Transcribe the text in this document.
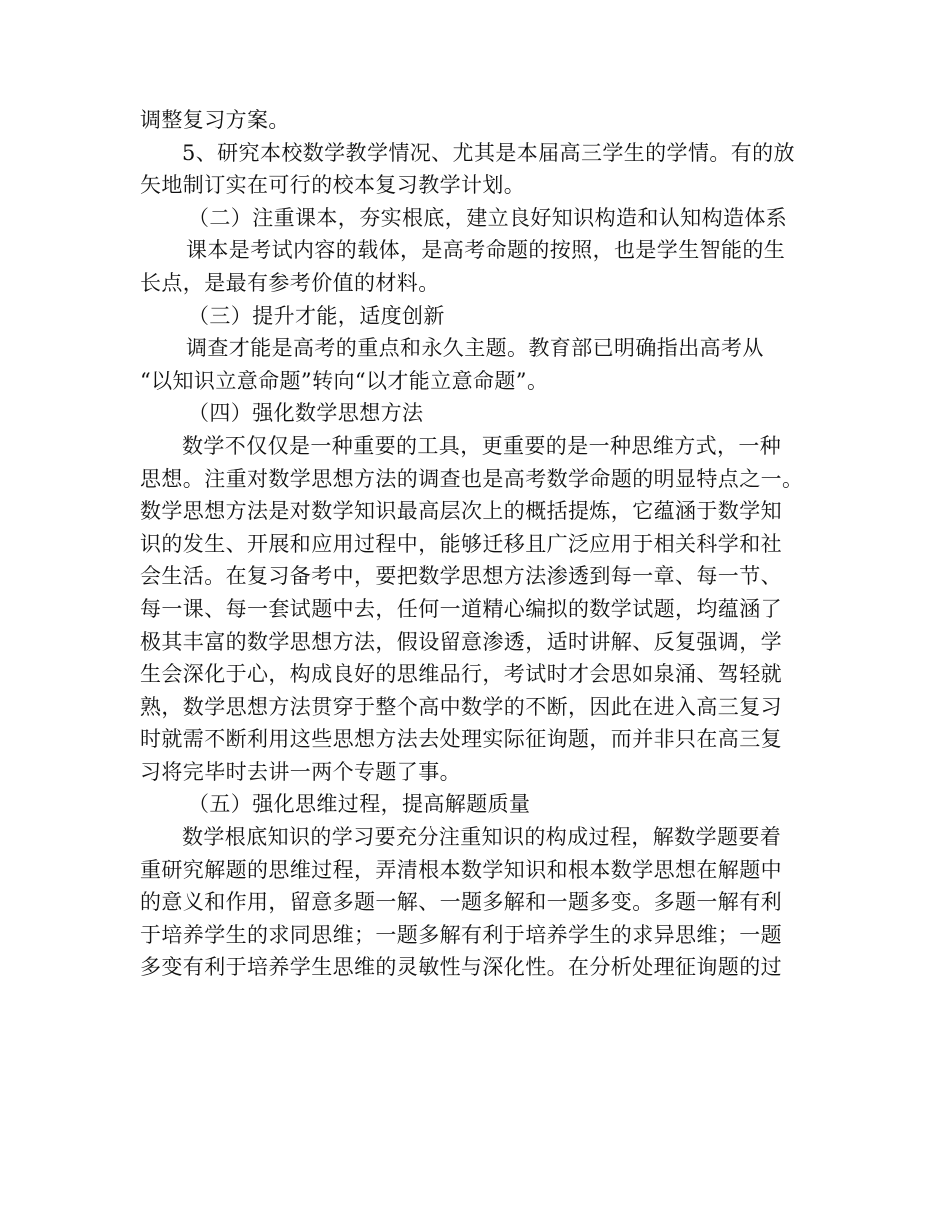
调整复习方案。
5、研究本校数学教学情况、尤其是本届高三学生的学情。有的放
矢地制订实在可行的校本复习教学计划。
（二）注重课本，夯实根底，建立良好知识构造和认知构造体系
课本是考试内容的载体，是高考命题的按照，也是学生智能的生
长点，是最有参考价值的材料。
（三）提升才能，适度创新
调查才能是高考的重点和永久主题。教育部已明确指出高考从
“以知识立意命题”转向“以才能立意命题”。
（四）强化数学思想方法
数学不仅仅是一种重要的工具，更重要的是一种思维方式，一种
思想。注重对数学思想方法的调查也是高考数学命题的明显特点之一。
数学思想方法是对数学知识最高层次上的概括提炼，它蕴涵于数学知
识的发生、开展和应用过程中，能够迁移且广泛应用于相关科学和社
会生活。在复习备考中，要把数学思想方法渗透到每一章、每一节、
每一课、每一套试题中去，任何一道精心编拟的数学试题，均蕴涵了
极其丰富的数学思想方法，假设留意渗透，适时讲解、反复强调，学
生会深化于心，构成良好的思维品行，考试时才会思如泉涌、驾轻就
熟，数学思想方法贯穿于整个高中数学的不断，因此在进入高三复习
时就需不断利用这些思想方法去处理实际征询题，而并非只在高三复
习将完毕时去讲一两个专题了事。
（五）强化思维过程，提高解题质量
数学根底知识的学习要充分注重知识的构成过程，解数学题要着
重研究解题的思维过程，弄清根本数学知识和根本数学思想在解题中
的意义和作用，留意多题一解、一题多解和一题多变。多题一解有利
于培养学生的求同思维；一题多解有利于培养学生的求异思维；一题
多变有利于培养学生思维的灵敏性与深化性。在分析处理征询题的过
